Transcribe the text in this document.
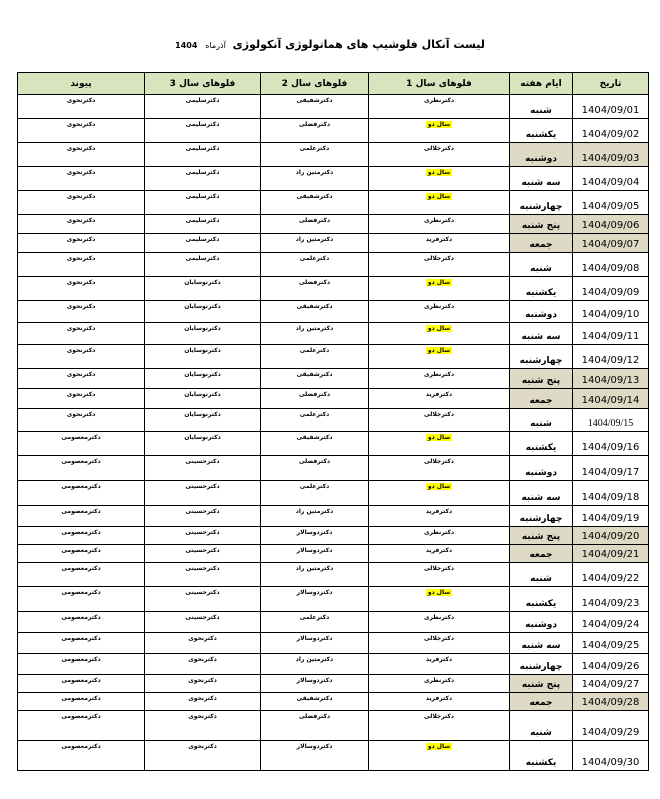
لیست آنکال فلوشیپ های هماتولوژی آنکولوژی آذرماه 1404
تاریخ	ایام هفته	فلوهای سال 1	فلوهای سال 2	فلوهای سال 3	پیوند
1404/09/01	شنبه	دکترنظری	دکترشفیقی	دکترسلیمی	دکترنحوی
1404/09/02	یکشنبه	سال دو	دکترفضلی	دکترسلیمی	دکترنحوی
1404/09/03	دوشنبه	دکترجلالی	دکترعلمی	دکترسلیمی	دکترنحوی
1404/09/04	سه شنبه	سال دو	دکترمتین راد	دکترسلیمی	دکترنحوی
1404/09/05	چهارشنبه	سال دو	دکترشفیقی	دکترسلیمی	دکترنحوی
1404/09/06	پنج شنبه	دکترنظری	دکترفضلی	دکترسلیمی	دکترنحوی
1404/09/07	جمعه	دکترفرید	دکترمتین راد	دکترسلیمی	دکترنحوی
1404/09/08	شنبه	دکترجلالی	دکترعلمی	دکترسلیمی	دکترنحوی
1404/09/09	یکشنبه	سال دو	دکترفضلی	دکترنوسایان	دکترنحوی
1404/09/10	دوشنبه	دکترنظری	دکترشفیقی	دکترنوسایان	دکترنحوی
1404/09/11	سه شنبه	سال دو	دکترمتین راد	دکترنوسایان	دکترنحوی
1404/09/12	چهارشنبه	سال دو	دکترعلمی	دکترنوسایان	دکترنحوی
1404/09/13	پنج شنبه	دکترنظری	دکترشفیقی	دکترنوسایان	دکترنحوی
1404/09/14	جمعه	دکترفرید	دکترفضلی	دکترنوسایان	دکترنحوی
1404/09/15	شنبه	دکترجلالی	دکترعلمی	دکترنوسایان	دکترنحوی
1404/09/16	یکشنبه	سال دو	دکترشفیقی	دکترنوسایان	دکترمعصومی
1404/09/17	دوشنبه	دکترجلالی	دکترفضلی	دکترحسینی	دکترمعصومی
1404/09/18	سه شنبه	سال دو	دکترعلمی	دکترحسینی	دکترمعصومی
1404/09/19	چهارشنبه	دکترفرید	دکترمتین راد	دکترحسینی	دکترمعصومی
1404/09/20	پنج شنبه	دکترنظری	دکتردوسالار	دکترحسینی	دکترمعصومی
1404/09/21	جمعه	دکترفرید	دکتردوسالار	دکترحسینی	دکترمعصومی
1404/09/22	شنبه	دکترجلالی	دکترمتین راد	دکترحسینی	دکترمعصومی
1404/09/23	یکشنبه	سال دو	دکتردوسالار	دکترحسینی	دکترمعصومی
1404/09/24	دوشنبه	دکترنظری	دکترعلمی	دکترحسینی	دکترمعصومی
1404/09/25	سه شنبه	دکترجلالی	دکتردوسالار	دکترنحوی	دکترمعصومی
1404/09/26	چهارشنبه	دکترفرید	دکترمتین راد	دکترنحوی	دکترمعصومی
1404/09/27	پنج شنبه	دکترنظری	دکتردوسالار	دکترنحوی	دکترمعصومی
1404/09/28	جمعه	دکترفرید	دکترشفیقی	دکترنحوی	دکترمعصومی
1404/09/29	شنبه	دکترجلالی	دکترفضلی	دکترنحوی	دکترمعصومی
1404/09/30	یکشنبه	سال دو	دکتردوسالار	دکترنحوی	دکترمعصومی
